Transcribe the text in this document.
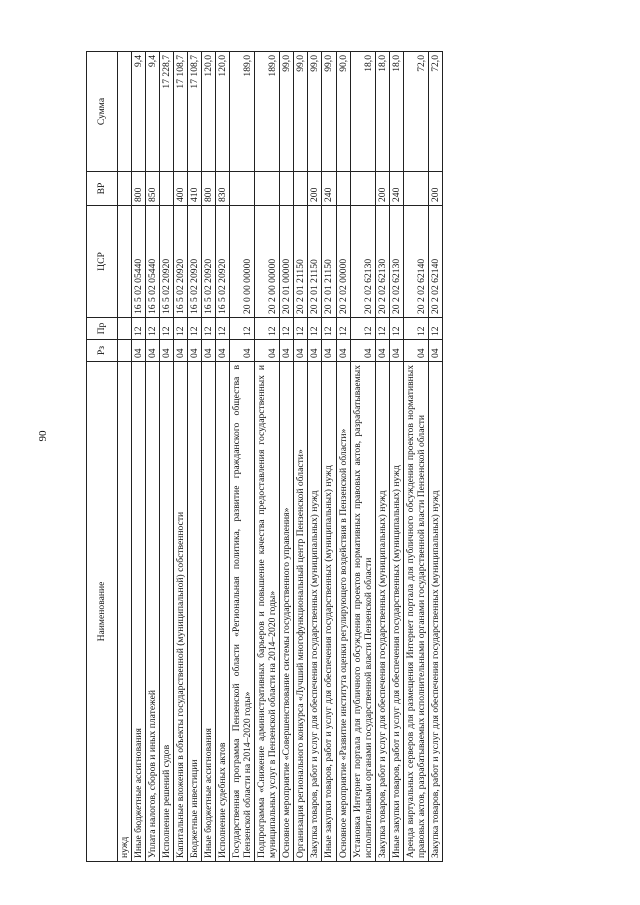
90
Наименование	Рз	Пр	ЦСР	ВР	Сумма
нужд					
Иные бюджетные ассигнования	04	12	16 5 02 05440	800	9,4
Уплата налогов, сборов и иных платежей	04	12	16 5 02 05440	850	9,4
Исполнение решений судов	04	12	16 5 02 20920		17 228,7
Капитальные вложения в объекты государственной (муниципальной) собственности	04	12	16 5 02 20920	400	17 108,7
Бюджетные инвестиции	04	12	16 5 02 20920	410	17 108,7
Иные бюджетные ассигнования	04	12	16 5 02 20920	800	120,0
Исполнение судебных актов	04	12	16 5 02 20920	830	120,0
Государственная программа Пензенской области «Региональная политика, развитие гражданского общества в Пензенской области на 2014–2020 годы»	04	12	20 0 00 00000		189,0
Подпрограмма «Снижение административных барьеров и повышение качества предоставления государственных и муниципальных услуг в Пензенской области на 2014–2020 годы»	04	12	20 2 00 00000		189,0
Основное мероприятие «Совершенствование системы государственного управления»	04	12	20 2 01 00000		99,0
Организация регионального конкурса «Лучший многофункциональный центр Пензенской области»	04	12	20 2 01 21150		99,0
Закупка товаров, работ и услуг для обеспечения государственных (муниципальных) нужд	04	12	20 2 01 21150	200	99,0
Иные закупки товаров, работ и услуг для обеспечения государственных (муниципальных) нужд	04	12	20 2 01 21150	240	99,0
Основное мероприятие «Развитие института оценки регулирующего воздействия в Пензенской области»	04	12	20 2 02 00000		90,0
Установка Интернет портала для публичного обсуждения проектов нормативных правовых актов, разрабатываемых исполнительными органами государственной власти Пензенской области	04	12	20 2 02 62130		18,0
Закупка товаров, работ и услуг для обеспечения государственных (муниципальных) нужд	04	12	20 2 02 62130	200	18,0
Иные закупки товаров, работ и услуг для обеспечения государственных (муниципальных) нужд	04	12	20 2 02 62130	240	18,0
Аренда виртуальных серверов для размещения Интернет портала для публичного обсуждения проектов нормативных правовых актов, разрабатываемых исполнительными органами государственной власти Пензенской области	04	12	20 2 02 62140		72,0
Закупка товаров, работ и услуг для обеспечения государственных (муниципальных) нужд	04	12	20 2 02 62140	200	72,0
